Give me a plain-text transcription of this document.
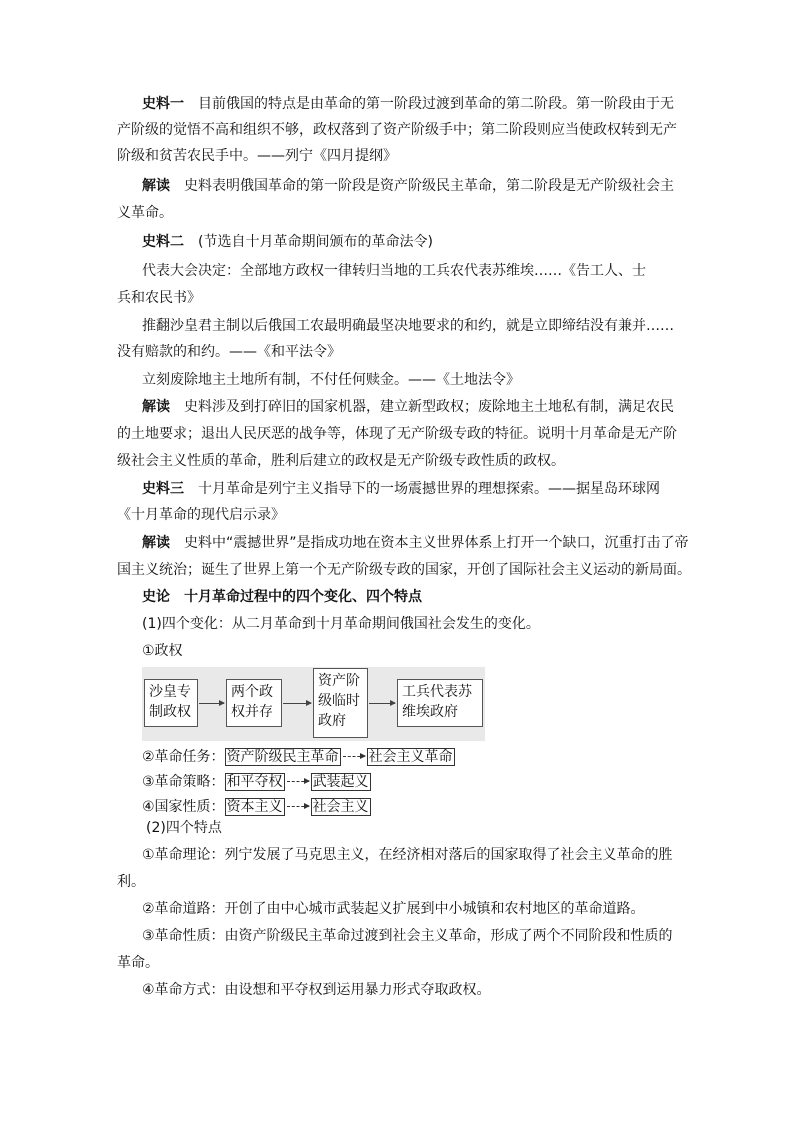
史料一 目前俄国的特点是由革命的第一阶段过渡到革命的第二阶段。第一阶段由于无
产阶级的觉悟不高和组织不够，政权落到了资产阶级手中；第二阶段则应当使政权转到无产
阶级和贫苦农民手中。——列宁《四月提纲》
解读 史料表明俄国革命的第一阶段是资产阶级民主革命，第二阶段是无产阶级社会主
义革命。
史料二 (节选自十月革命期间颁布的革命法令)
代表大会决定：全部地方政权一律转归当地的工兵农代表苏维埃……《告工人、士
兵和农民书》
推翻沙皇君主制以后俄国工农最明确最坚决地要求的和约，就是立即缔结没有兼并……
没有赔款的和约。——《和平法令》
立刻废除地主土地所有制，不付任何赎金。——《土地法令》
解读 史料涉及到打碎旧的国家机器，建立新型政权；废除地主土地私有制，满足农民
的土地要求；退出人民厌恶的战争等，体现了无产阶级专政的特征。说明十月革命是无产阶
级社会主义性质的革命，胜利后建立的政权是无产阶级专政性质的政权。
史料三 十月革命是列宁主义指导下的一场震撼世界的理想探索。——据星岛环球网
《十月革命的现代启示录》
解读 史料中“震撼世界”是指成功地在资本主义世界体系上打开一个缺口，沉重打击了帝
国主义统治；诞生了世界上第一个无产阶级专政的国家，开创了国际社会主义运动的新局面。
史论 十月革命过程中的四个变化、四个特点
(1)四个变化：从二月革命到十月革命期间俄国社会发生的变化。
①政权
沙皇专
制政权
两个政
权并存
资产阶
级临时
政府
工兵代表苏
维埃政府
②革命任务： 资产阶级民主革命 社会主义革命
③革命策略： 和平夺权 武装起义
④国家性质： 资本主义 社会主义
(2)四个特点
①革命理论：列宁发展了马克思主义，在经济相对落后的国家取得了社会主义革命的胜
利。
②革命道路：开创了由中心城市武装起义扩展到中小城镇和农村地区的革命道路。
③革命性质：由资产阶级民主革命过渡到社会主义革命，形成了两个不同阶段和性质的
革命。
④革命方式：由设想和平夺权到运用暴力形式夺取政权。
